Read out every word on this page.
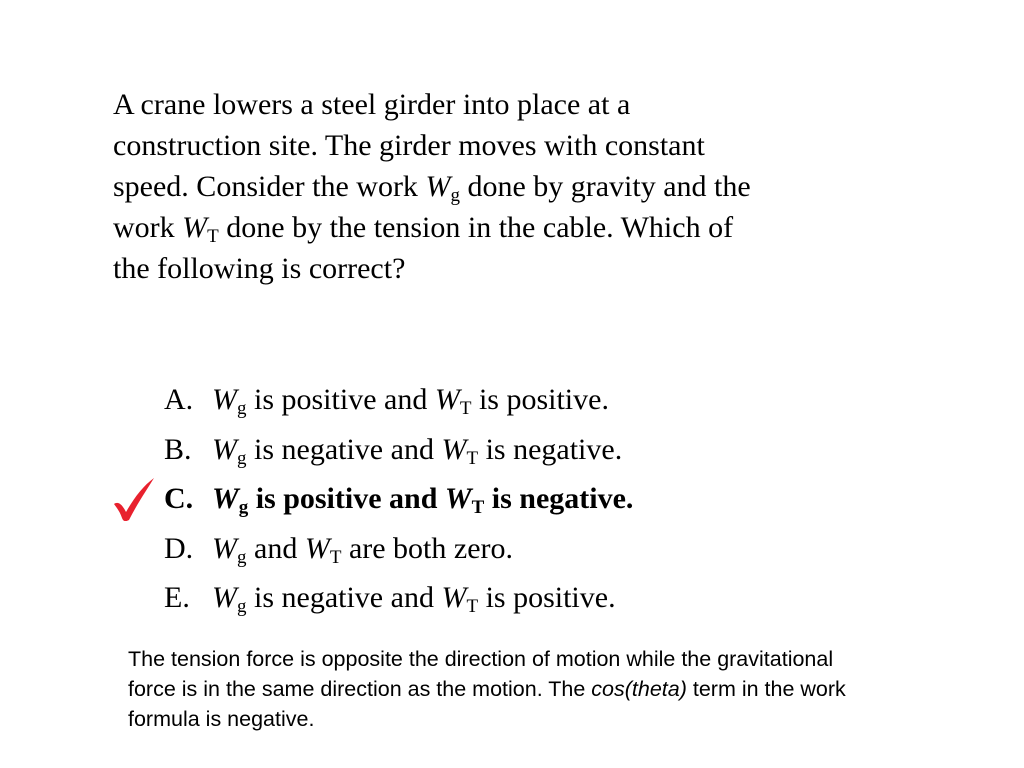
A crane lowers a steel girder into place at a construction site. The girder moves with constant speed. Consider the work $W_g$ done by gravity and the work $W_T$ done by the tension in the cable. Which of the following is correct?

A. $W_g$ is positive and $W_T$ is positive.
B. $W_g$ is negative and $W_T$ is negative.
C. $W_g$ is positive and $W_T$ is negative.
D. $W_g$ and $W_T$ are both zero.
E. $W_g$ is negative and $W_T$ is positive.
The tension force is opposite the direction of motion while the gravitational force is in the same direction as the motion. The cos(theta) term in the work formula is negative.
